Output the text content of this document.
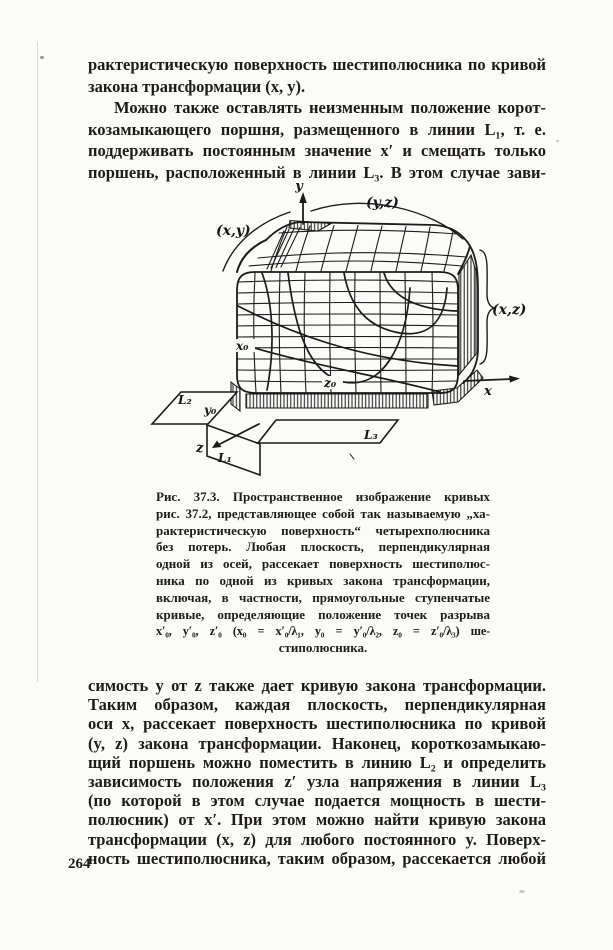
рактеристическую поверхность шестиполюсника по кривой
закона трансформации (x, y).
Можно также оставлять неизменным положение корот-
козамыкающего поршня, размещенного в линии L₁, т. е.
поддерживать постоянным значение x′ и смещать только
поршень, расположенный в линии L₃. В этом случае зави-
y
x
z
(x,y)
(y,z)
(x,z)
x₀
z₀
y₀
L₂
L₁
L₃
Рис. 37.3. Пространственное изображение кривых
рис. 37.2, представляющее собой так называемую „ха-
рактеристическую поверхность“ четырехполюсника
без потерь. Любая плоскость, перпендикулярная
одной из осей, рассекает поверхность шестиполюс-
ника по одной из кривых закона трансформации,
включая, в частности, прямоугольные ступенчатые
кривые, определяющие положение точек разрыва
x′₀, y′₀, z′₀ (x₀ = x′₀/λ₁, y₀ = y′₀/λ₂, z₀ = z′₀/λ₃) ше-
стиполюсника.
симость y от z также дает кривую закона трансформации.
Таким образом, каждая плоскость, перпендикулярная
оси x, рассекает поверхность шестиполюсника по кривой
(y, z) закона трансформации. Наконец, короткозамыкаю-
щий поршень можно поместить в линию L₂ и определить
зависимость положения z′ узла напряжения в линии L₃
(по которой в этом случае подается мощность в шести-
полюсник) от x′. При этом можно найти кривую закона
трансформации (x, z) для любого постоянного y. Поверх-
ность шестиполюсника, таким образом, рассекается любой
264
